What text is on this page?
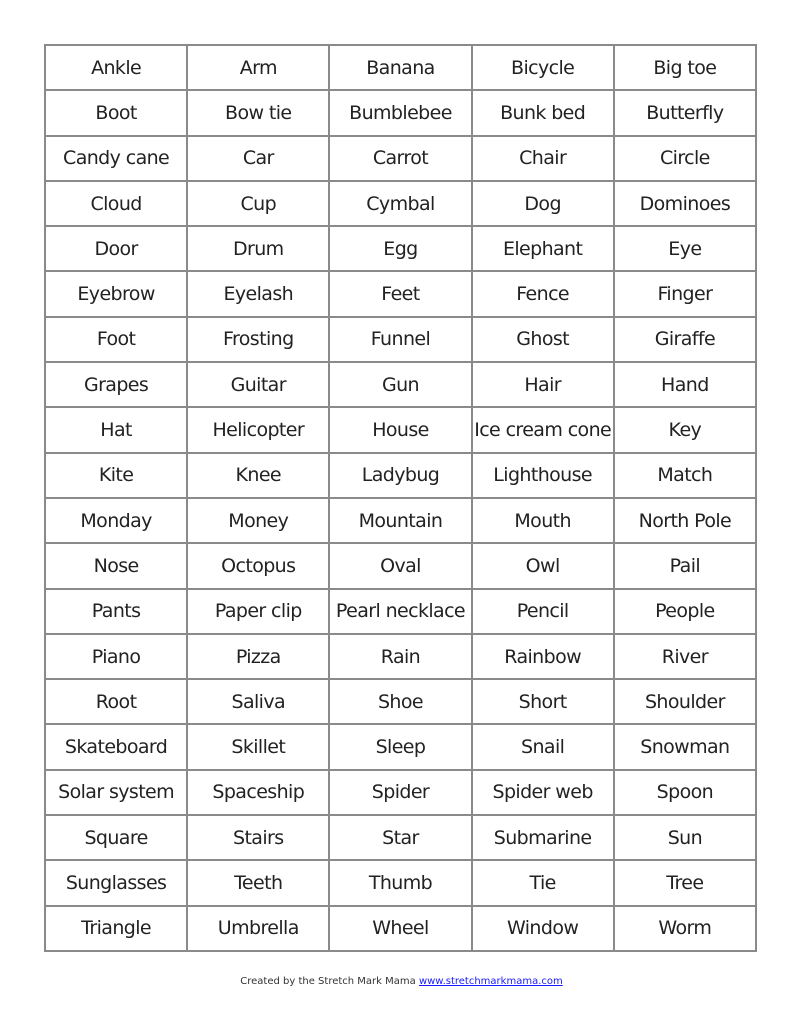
Ankle	Arm	Banana	Bicycle	Big toe
Boot	Bow tie	Bumblebee	Bunk bed	Butterfly
Candy cane	Car	Carrot	Chair	Circle
Cloud	Cup	Cymbal	Dog	Dominoes
Door	Drum	Egg	Elephant	Eye
Eyebrow	Eyelash	Feet	Fence	Finger
Foot	Frosting	Funnel	Ghost	Giraffe
Grapes	Guitar	Gun	Hair	Hand
Hat	Helicopter	House	Ice cream cone	Key
Kite	Knee	Ladybug	Lighthouse	Match
Monday	Money	Mountain	Mouth	North Pole
Nose	Octopus	Oval	Owl	Pail
Pants	Paper clip	Pearl necklace	Pencil	People
Piano	Pizza	Rain	Rainbow	River
Root	Saliva	Shoe	Short	Shoulder
Skateboard	Skillet	Sleep	Snail	Snowman
Solar system	Spaceship	Spider	Spider web	Spoon
Square	Stairs	Star	Submarine	Sun
Sunglasses	Teeth	Thumb	Tie	Tree
Triangle	Umbrella	Wheel	Window	Worm
Created by the Stretch Mark Mama www.stretchmarkmama.com
